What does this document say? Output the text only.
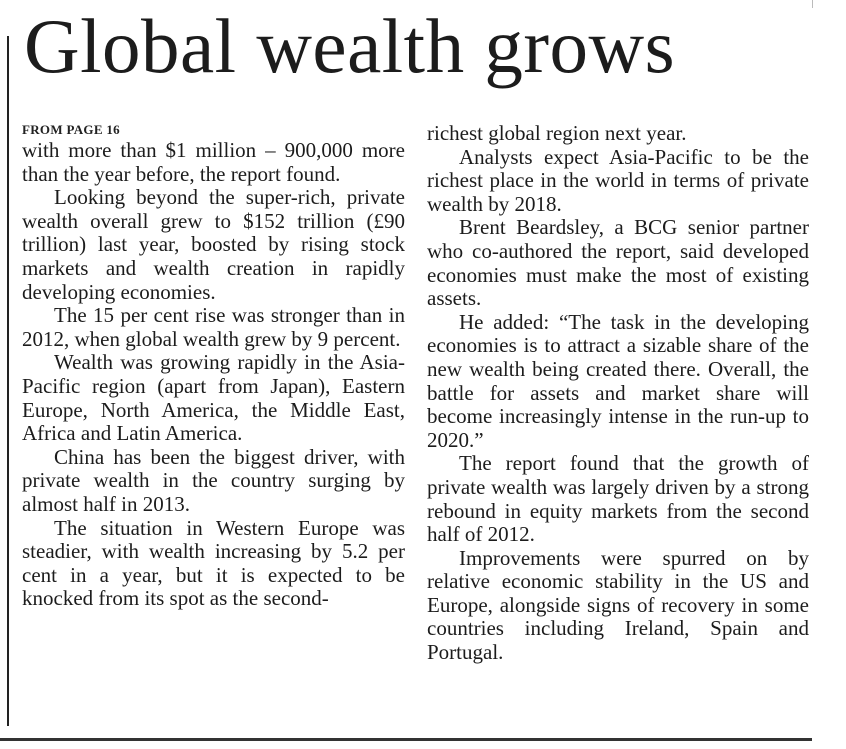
Global wealth grows
FROM PAGE 16

with more than $1 million – 900,000 more than the year before, the report found.

Looking beyond the super-rich, private wealth overall grew to $152 trillion (£90 trillion) last year, boosted by rising stock markets and wealth creation in rapidly developing economies.

The 15 per cent rise was stronger than in 2012, when global wealth grew by 9 percent.

Wealth was growing rapidly in the Asia-Pacific region (apart from Japan), Eastern Europe, North America, the Middle East, Africa and Latin America.

China has been the biggest driver, with private wealth in the country surging by almost half in 2013.

The situation in Western Europe was steadier, with wealth increasing by 5.2 per cent in a year, but it is expected to be knocked from its spot as the second-

richest global region next year.

Analysts expect Asia-Pacific to be the richest place in the world in terms of private wealth by 2018.

Brent Beardsley, a BCG senior partner who co-authored the report, said developed economies must make the most of existing assets.

He added: “The task in the developing economies is to attract a sizable share of the new wealth being created there. Overall, the battle for assets and market share will become increasingly intense in the run-up to 2020.”

The report found that the growth of private wealth was largely driven by a strong rebound in equity markets from the second half of 2012.

Improvements were spurred on by relative economic stability in the US and Europe, alongside signs of recovery in some countries including Ireland, Spain and Portugal.
